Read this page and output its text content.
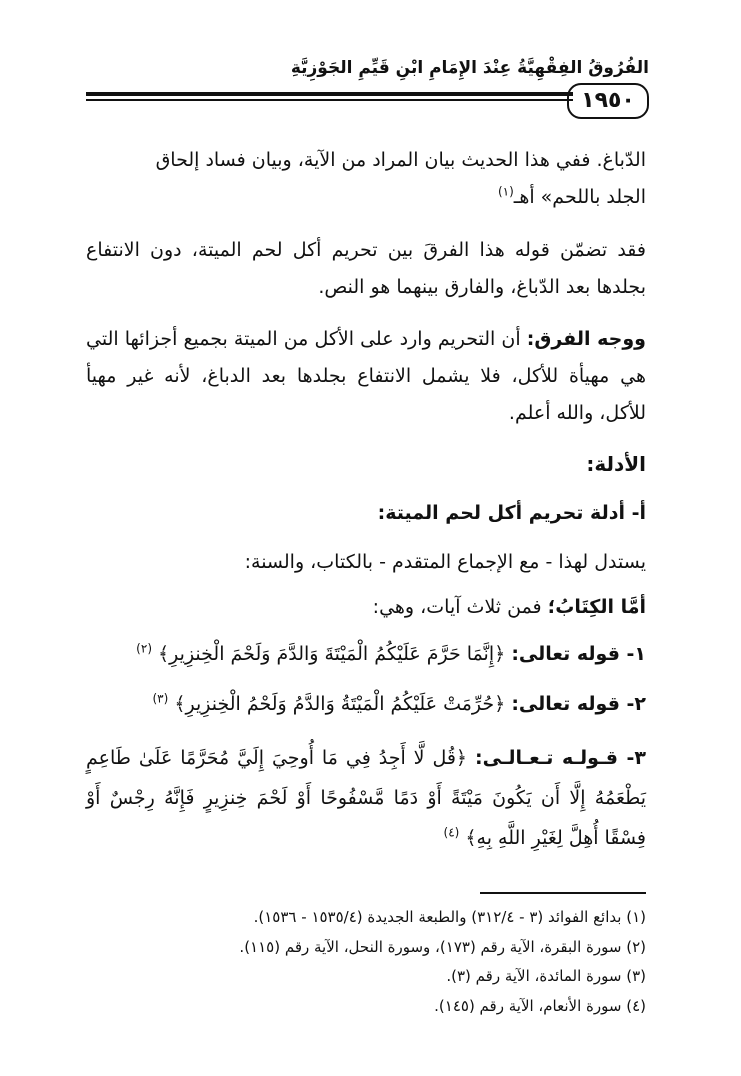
الفُرُوقُ الفِقْهِيَّةُ عِنْدَ الإِمَامِ ابْنِ قَيِّمِ الجَوْزِيَّةِ
١٩٥٠
الدّباغ. ففي هذا الحديث بيان المراد من الآية، وبيان فساد إلحاق
الجلد باللحم» أهـ$^{(١)}$
فقد تضمّن قوله هذا الفرقَ بين تحريم أكل لحم الميتة، دون الانتفاع بجلدها بعد الدّباغ، والفارق بينهما هو النص.
ووجه الفرق: أن التحريم وارد على الأكل من الميتة بجميع أجزائها التي هي مهيأة للأكل، فلا يشمل الانتفاع بجلدها بعد الدباغ، لأنه غير مهيأ للأكل، والله أعلم.
الأدلة:
أ- أدلة تحريم أكل لحم الميتة:
يستدل لهذا - مع الإجماع المتقدم - بالكتاب، والسنة:
أمَّا الكِتَابُ؛ فمن ثلاث آيات، وهي:
١- قوله تعالى: ﴿إِنَّمَا حَرَّمَ عَلَيْكُمُ الْمَيْتَةَ وَالدَّمَ وَلَحْمَ الْخِنزِيرِ﴾ $^{(٢)}$
٢- قوله تعالى: ﴿حُرِّمَتْ عَلَيْكُمُ الْمَيْتَةُ وَالدَّمُ وَلَحْمُ الْخِنزِيرِ﴾ $^{(٣)}$
٣- قـولـه تـعـالـى: ﴿قُل لَّا أَجِدُ فِي مَا أُوحِيَ إِلَيَّ مُحَرَّمًا عَلَىٰ طَاعِمٍ يَطْعَمُهُ إِلَّا أَن يَكُونَ مَيْتَةً أَوْ دَمًا مَّسْفُوحًا أَوْ لَحْمَ خِنزِيرٍ فَإِنَّهُ رِجْسٌ أَوْ فِسْقًا أُهِلَّ لِغَيْرِ اللَّهِ بِهِ﴾ $^{(٤)}$
(١) بدائع الفوائد (٣ - ٣١٢/٤) والطبعة الجديدة (١٥٣٥/٤ - ١٥٣٦).
(٢) سورة البقرة، الآية رقم (١٧٣)، وسورة النحل، الآية رقم (١١٥).
(٣) سورة المائدة، الآية رقم (٣).
(٤) سورة الأنعام، الآية رقم (١٤٥).
